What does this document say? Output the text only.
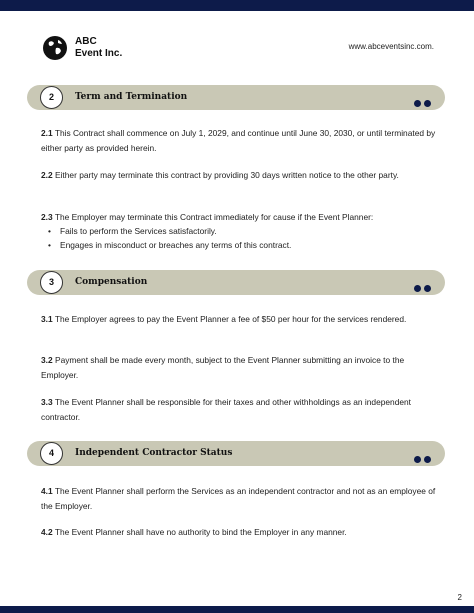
ABC
Event Inc.
www.abceventsinc.com.
2	Term and Termination
2.1 This Contract shall commence on July 1, 2029, and continue until June 30, 2030, or until terminated by either party as provided herein.
2.2 Either party may terminate this contract by providing 30 days written notice to the other party.
2.3 The Employer may terminate this Contract immediately for cause if the Event Planner:
• Fails to perform the Services satisfactorily.
• Engages in misconduct or breaches any terms of this contract.
3	Compensation
3.1 The Employer agrees to pay the Event Planner a fee of $50 per hour for the services rendered.
3.2 Payment shall be made every month, subject to the Event Planner submitting an invoice to the Employer.
3.3 The Event Planner shall be responsible for their taxes and other withholdings as an independent contractor.
4	Independent Contractor Status
4.1 The Event Planner shall perform the Services as an independent contractor and not as an employee of the Employer.
4.2 The Event Planner shall have no authority to bind the Employer in any manner.
2
